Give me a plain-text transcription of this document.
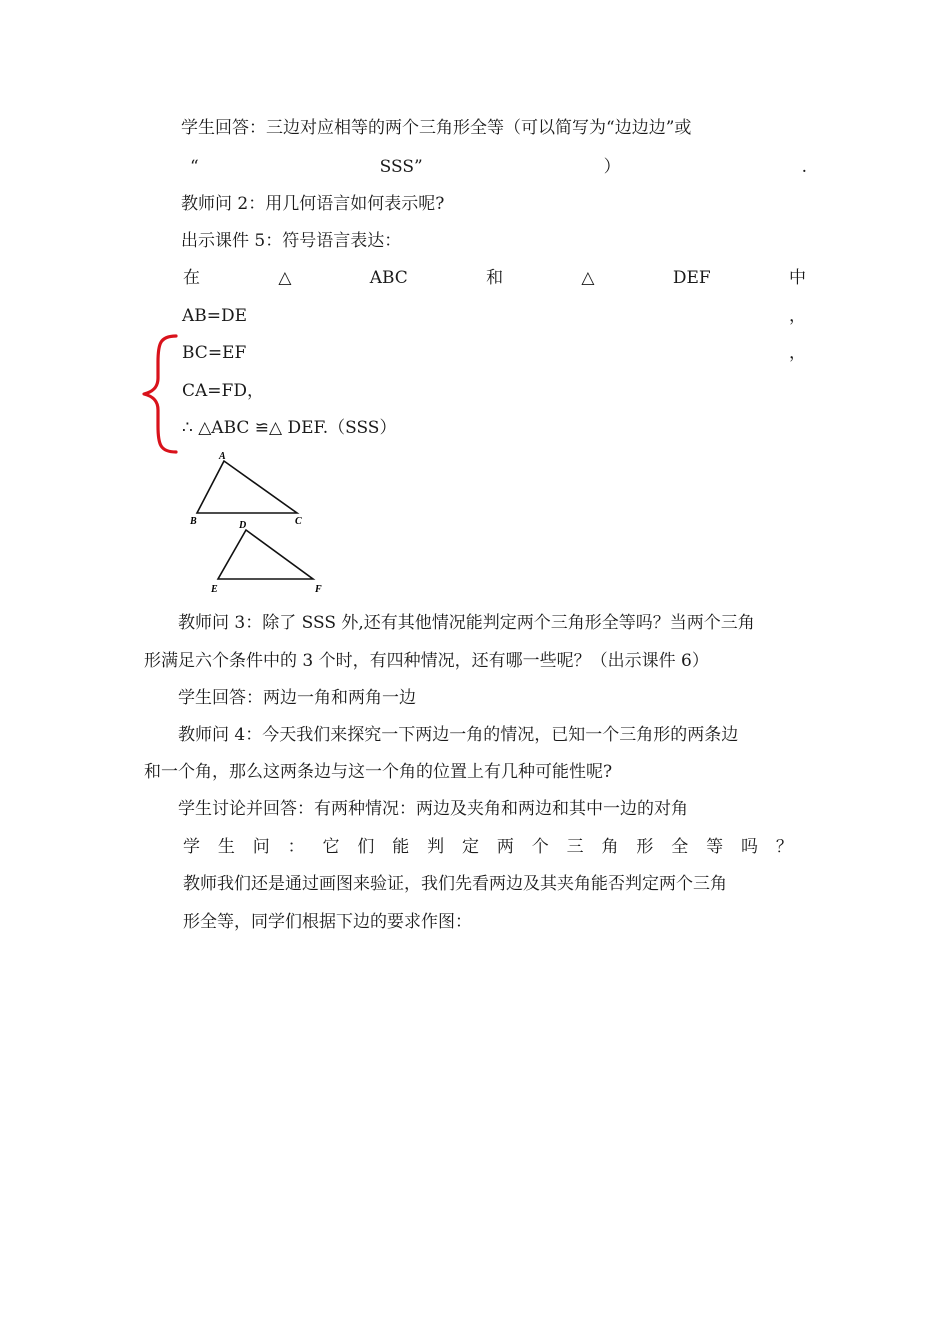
学生回答：三边对应相等的两个三角形全等（可以简写为“边边边”或
“	SSS”	）	.
教师问 2：用几何语言如何表示呢?
出示课件 5：符号语言表达：
在	△	ABC	和	△	DEF	中
AB=DE	，
BC=EF	，
CA=FD，
∴ △ABC ≌△ DEF.（SSS）
A
B	C
D
E	F
教师问 3：除了 SSS 外,还有其他情况能判定两个三角形全等吗？当两个三角
形满足六个条件中的 3 个时，有四种情况，还有哪一些呢？（出示课件 6）
学生回答：两边一角和两角一边
教师问 4：今天我们来探究一下两边一角的情况，已知一个三角形的两条边
和一个角，那么这两条边与这一个角的位置上有几种可能性呢?
学生讨论并回答：有两种情况：两边及夹角和两边和其中一边的对角
学 生 问 ： 它 们 能 判 定 两 个 三 角 形 全 等 吗 ？
教师我们还是通过画图来验证，我们先看两边及其夹角能否判定两个三角
形全等，同学们根据下边的要求作图：
